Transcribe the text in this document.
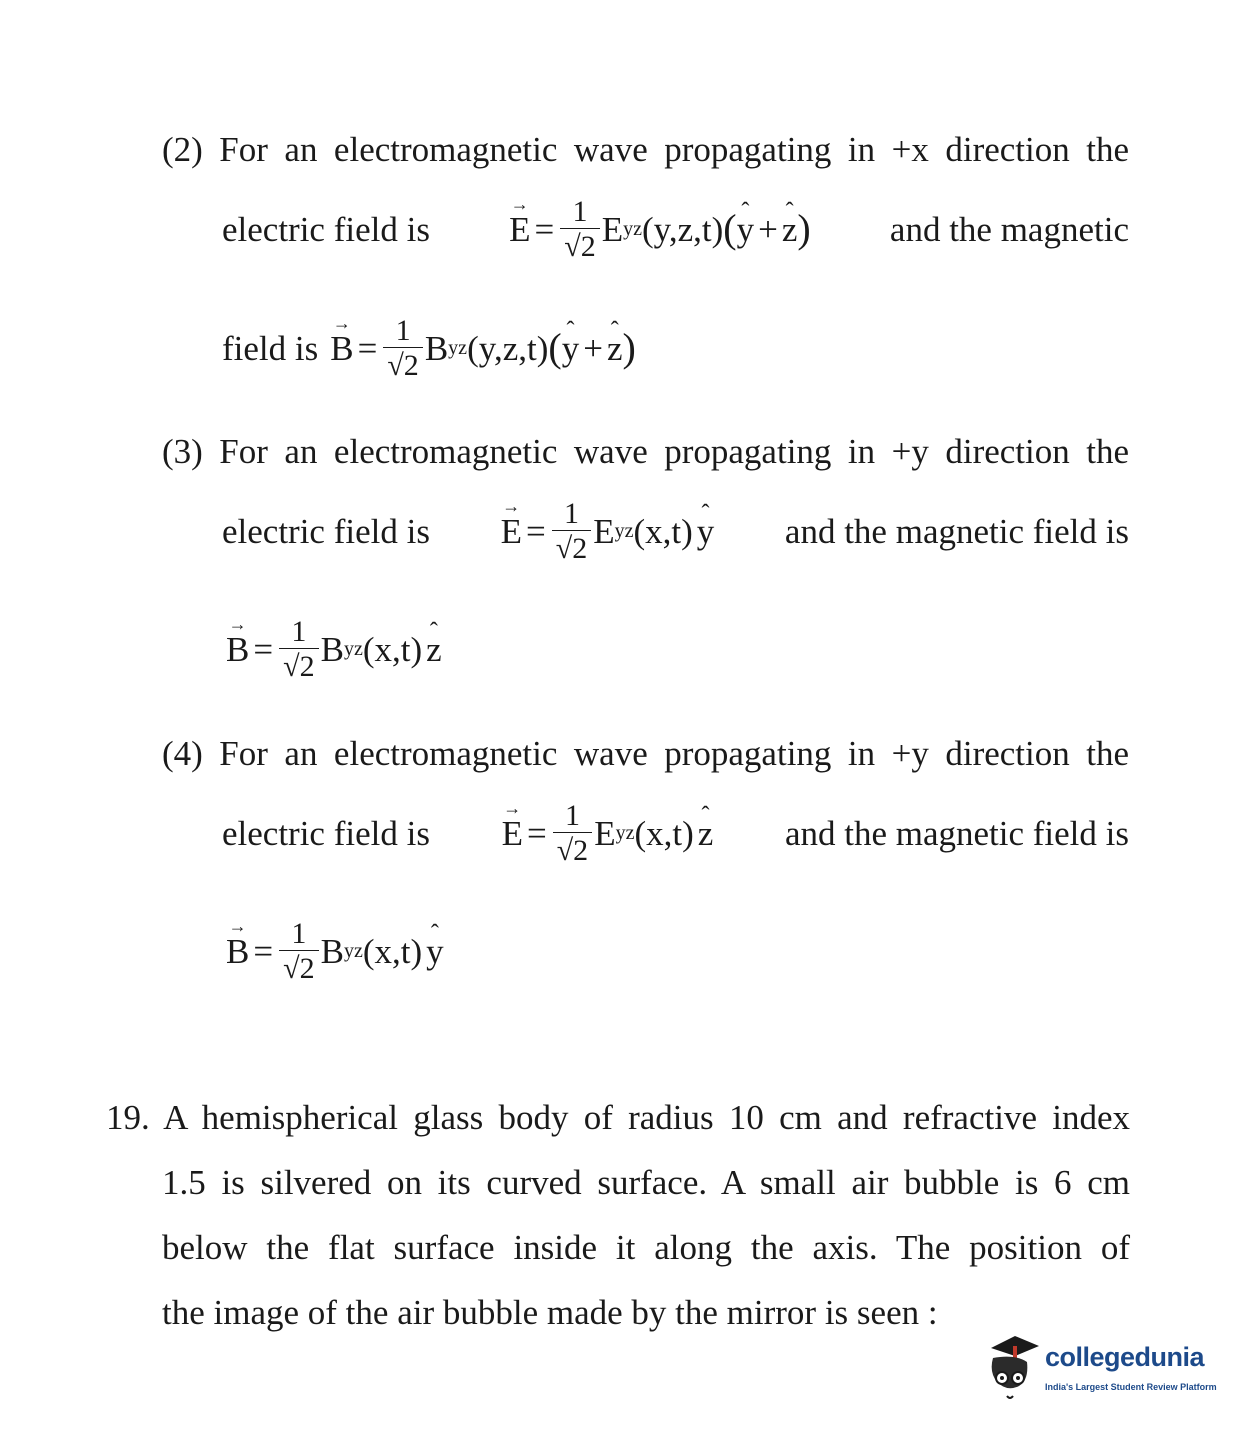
(2) For an electromagnetic wave propagating in +x direction the
electric field is → $E = \frac{1}{√2}$ E yz (y,z,t) ( ˆ y + ˆ z ) and the magnetic
field is → $B = \frac{1}{√2}$ B yz (y,z,t) ( ˆ y + ˆ z )
(3) For an electromagnetic wave propagating in +y direction the
electric field is → $E = \frac{1}{√2}$ E yz (x,t) ˆ y and the magnetic field is
→ $B = \frac{1}{√2}$ B yz (x,t) ˆ z
(4) For an electromagnetic wave propagating in +y direction the
electric field is → $E = \frac{1}{√2}$ E yz (x,t) ˆ z and the magnetic field is
→ $B = \frac{1}{√2}$ B yz (x,t) ˆ y
19. A hemispherical glass body of radius 10 cm and refractive index
1.5 is silvered on its curved surface. A small air bubble is 6 cm
below the flat surface inside it along the axis. The position of
the image of the air bubble made by the mirror is seen :
collegedunia
India's Largest Student Review Platform
